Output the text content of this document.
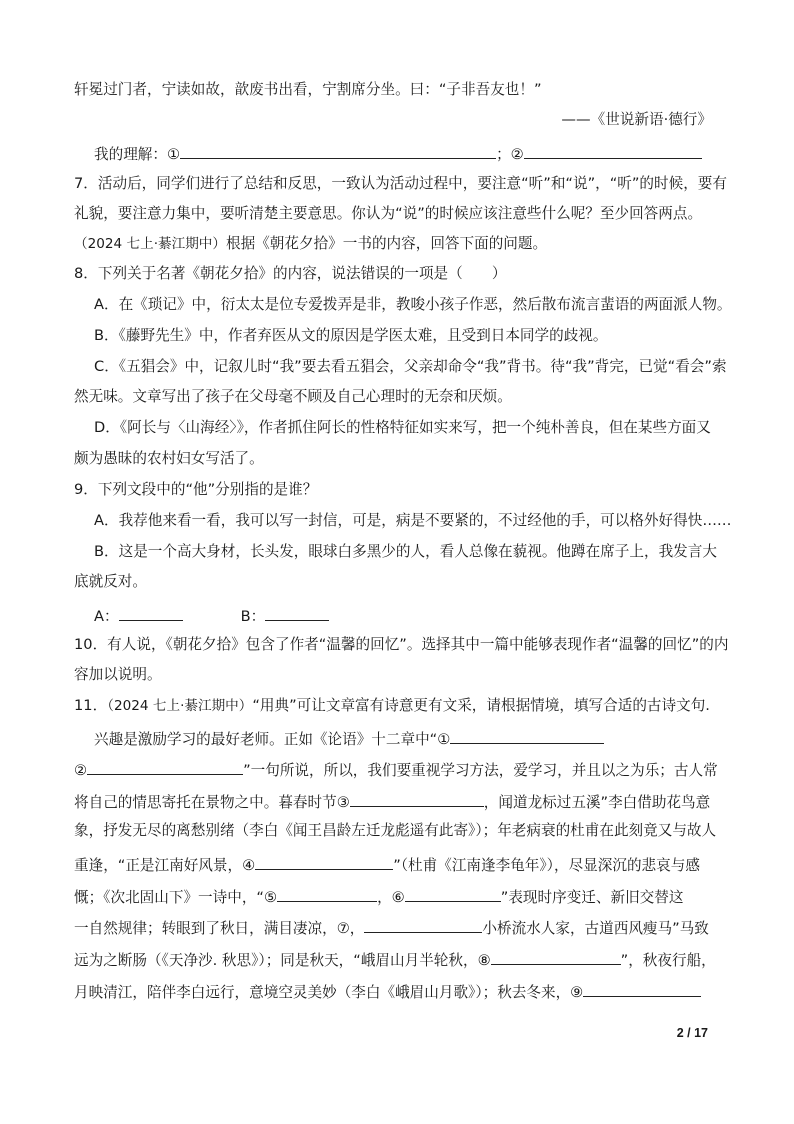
轩冕过门者，宁读如故，歆废书出看，宁割席分坐。曰：“子非吾友也！”
——《世说新语·德行》
我的理解：①	；②
7．活动后，同学们进行了总结和反思，一致认为活动过程中，要注意“听”和“说”，“听”的时候，要有
礼貌，要注意力集中，要听清楚主要意思。你认为“说”的时候应该注意些什么呢？至少回答两点。
（2024 七上·綦江期中）根据《朝花夕拾》一书的内容，回答下面的问题。
8．下列关于名著《朝花夕拾》的内容，说法错误的一项是（　　）
A．在《琐记》中，衍太太是位专爱拨弄是非，教唆小孩子作恶，然后散布流言蜚语的两面派人物。
B．《藤野先生》中，作者弃医从文的原因是学医太难，且受到日本同学的歧视。
C．《五猖会》中，记叙儿时“我”要去看五猖会，父亲却命令“我”背书。待“我”背完，已觉“看会”索
然无味。文章写出了孩子在父母毫不顾及自己心理时的无奈和厌烦。
D．《阿长与〈山海经〉》，作者抓住阿长的性格特征如实来写，把一个纯朴善良，但在某些方面又
颇为愚昧的农村妇女写活了。
9．下列文段中的“他”分别指的是谁？
A．我荐他来看一看，我可以写一封信，可是，病是不要紧的，不过经他的手，可以格外好得快……
B．这是一个高大身材，长头发，眼球白多黑少的人，看人总像在藐视。他蹲在席子上，我发言大
底就反对。
A：	B：
10．有人说，《朝花夕拾》包含了作者“温馨的回忆”。选择其中一篇中能够表现作者“温馨的回忆”的内
容加以说明。
11．（2024 七上·綦江期中）“用典”可让文章富有诗意更有文采，请根据情境，填写合适的古诗文句.
兴趣是激励学习的最好老师。正如《论语》十二章中“①
②	”一句所说，所以，我们要重视学习方法，爱学习，并且以之为乐；古人常
将自己的情思寄托在景物之中。暮春时节③	，闻道龙标过五溪”李白借助花鸟意
象，抒发无尽的离愁别绪（李白《闻王昌龄左迁龙彪遥有此寄》）；年老病衰的杜甫在此刻竟又与故人
重逢，“正是江南好风景，④	”（杜甫《江南逢李龟年》），尽显深沉的悲哀与感
慨；《次北固山下》一诗中，“⑤	，⑥	”表现时序变迁、新旧交替这
一自然规律；转眼到了秋日，满目凄凉，⑦，	小桥流水人家，古道西风瘦马”马致
远为之断肠（《天净沙. 秋思》）；同是秋天，“峨眉山月半轮秋，⑧	”，秋夜行船，
月映清江，陪伴李白远行，意境空灵美妙（李白《峨眉山月歌》）；秋去冬来，⑨
2 / 17
